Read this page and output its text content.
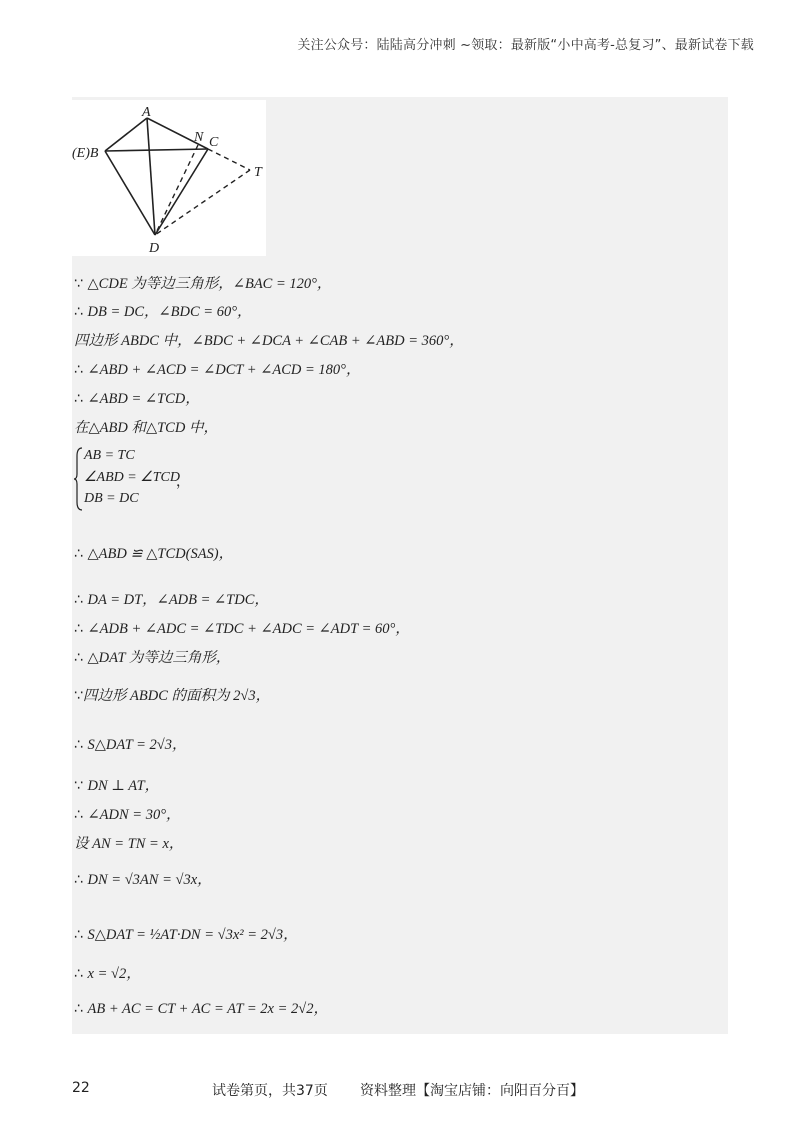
关注公众号：陆陆高分冲刺 ~领取：最新版“小中高考-总复习”、最新试卷下载
A
(E)B
N C
T
D
∵ △CDE 为等边三角形，∠BAC = 120°，
∴ DB = DC，∠BDC = 60°，
四边形 ABDC 中，∠BDC + ∠DCA + ∠CAB + ∠ABD = 360°，
∴ ∠ABD + ∠ACD = ∠DCT + ∠ACD = 180°，
∴ ∠ABD = ∠TCD，
在△ABD 和△TCD 中，
AB = TC
∠ABD = ∠TCD
DB = DC
，
∴ △ABD ≌ △TCD(SAS)，
∴ DA = DT，∠ADB = ∠TDC，
∴ ∠ADB + ∠ADC = ∠TDC + ∠ADC = ∠ADT = 60°，
∴ △DAT 为等边三角形，
∵四边形 ABDC 的面积为 2√3，
∴ S△DAT = 2√3，
∵ DN ⊥ AT，
∴ ∠ADN = 30°，
设 AN = TN = x，
∴ DN = √3AN = √3x，
∴ S△DAT = ½AT·DN = √3x² = 2√3，
∴ x = √2，
∴ AB + AC = CT + AC = AT = 2x = 2√2，
22	试卷第页，共37页 资料整理【淘宝店铺：向阳百分百】
